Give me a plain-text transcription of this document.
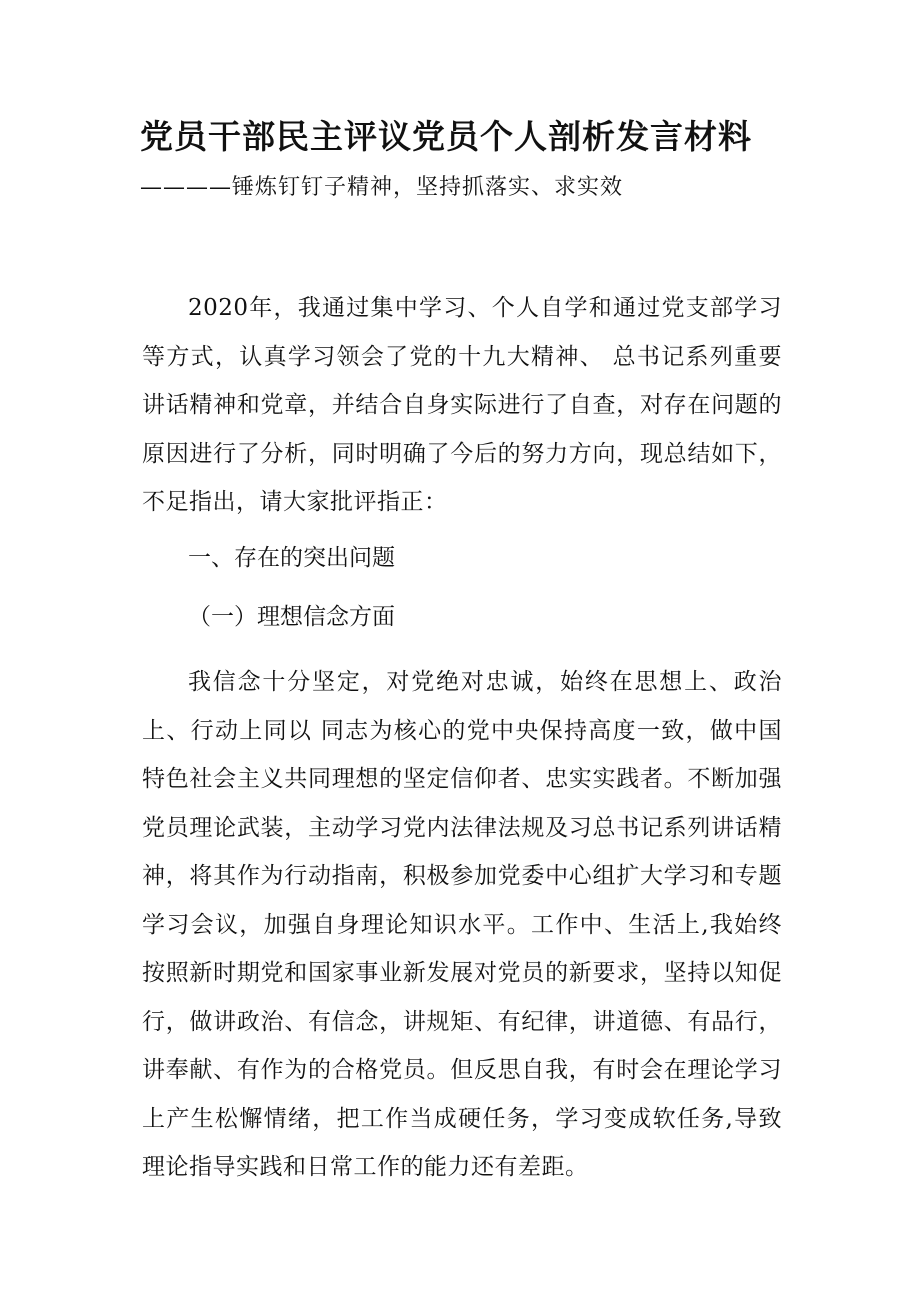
党员干部民主评议党员个人剖析发言材料
————锤炼钉钉子精神，坚持抓落实、求实效

2020年，我通过集中学习、个人自学和通过党支部学习等方式，认真学习领会了党的十九大精神、 总书记系列重要讲话精神和党章，并结合自身实际进行了自查，对存在问题的原因进行了分析，同时明确了今后的努力方向，现总结如下，不足指出，请大家批评指正：

一、存在的突出问题
（一）理想信念方面

我信念十分坚定，对党绝对忠诚，始终在思想上、政治上、行动上同以 同志为核心的党中央保持高度一致，做中国特色社会主义共同理想的坚定信仰者、忠实实践者。不断加强党员理论武装，主动学习党内法律法规及习总书记系列讲话精神，将其作为行动指南，积极参加党委中心组扩大学习和专题学习会议，加强自身理论知识水平。工作中、生活上,我始终按照新时期党和国家事业新发展对党员的新要求，坚持以知促行，做讲政治、有信念，讲规矩、有纪律，讲道德、有品行，讲奉献、有作为的合格党员。但反思自我，有时会在理论学习上产生松懈情绪，把工作当成硬任务，学习变成软任务,导致理论指导实践和日常工作的能力还有差距。
